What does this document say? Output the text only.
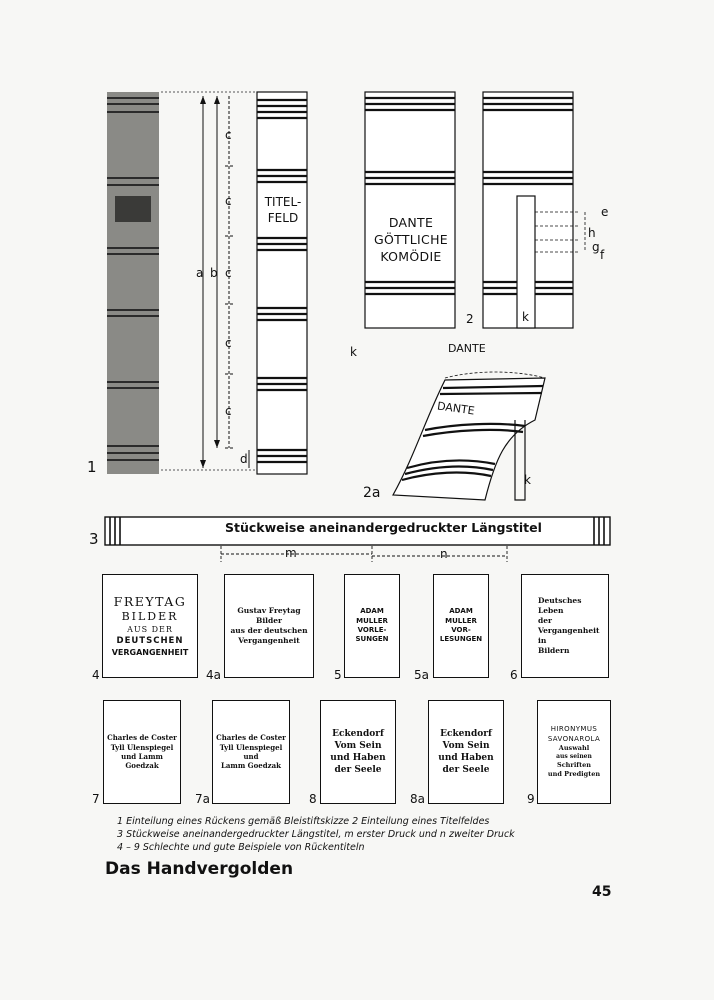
1
a b
c
c
c
c
c
d
TITEL-
FELD	DANTE
GÖTTLICHE
KOMÖDIE
2	k
e
h
g
f
k	DANTE
DANTE
k
2a
3
Stückweise aneinandergedruckter Längstitel
m	n
FREYTAG
BILDER
AUS DER
DEUTSCHEN
VERGANGENHEIT
4
Gustav Freytag
Bilder
aus der deutschen
Vergangenheit
4a
ADAM
MULLER
VORLE-
SUNGEN
5
ADAM
MULLER
VOR-
LESUNGEN
5a
Deutsches
Leben
der
Vergangenheit
in
Bildern
6
Charles de Coster
Tyll Ulenspiegel
und Lamm
Goedzak
7
Charles de Coster
Tyll Ulenspiegel
und
Lamm Goedzak
7a
Eckendorf
Vom Sein
und Haben
der Seele
8
Eckendorf
Vom Sein
und Haben
der Seele
8a
HIRONYMUS
SAVONAROLA
Auswahl
aus seinen
Schriften
und Predigten
9
1 Einteilung eines Rückens gemäß Bleistiftskizze 2 Einteilung eines Titelfeldes
3 Stückweise aneinandergedruckter Längstitel, m erster Druck und n zweiter Druck
4 – 9 Schlechte und gute Beispiele von Rückentiteln
Das Handvergolden
45
